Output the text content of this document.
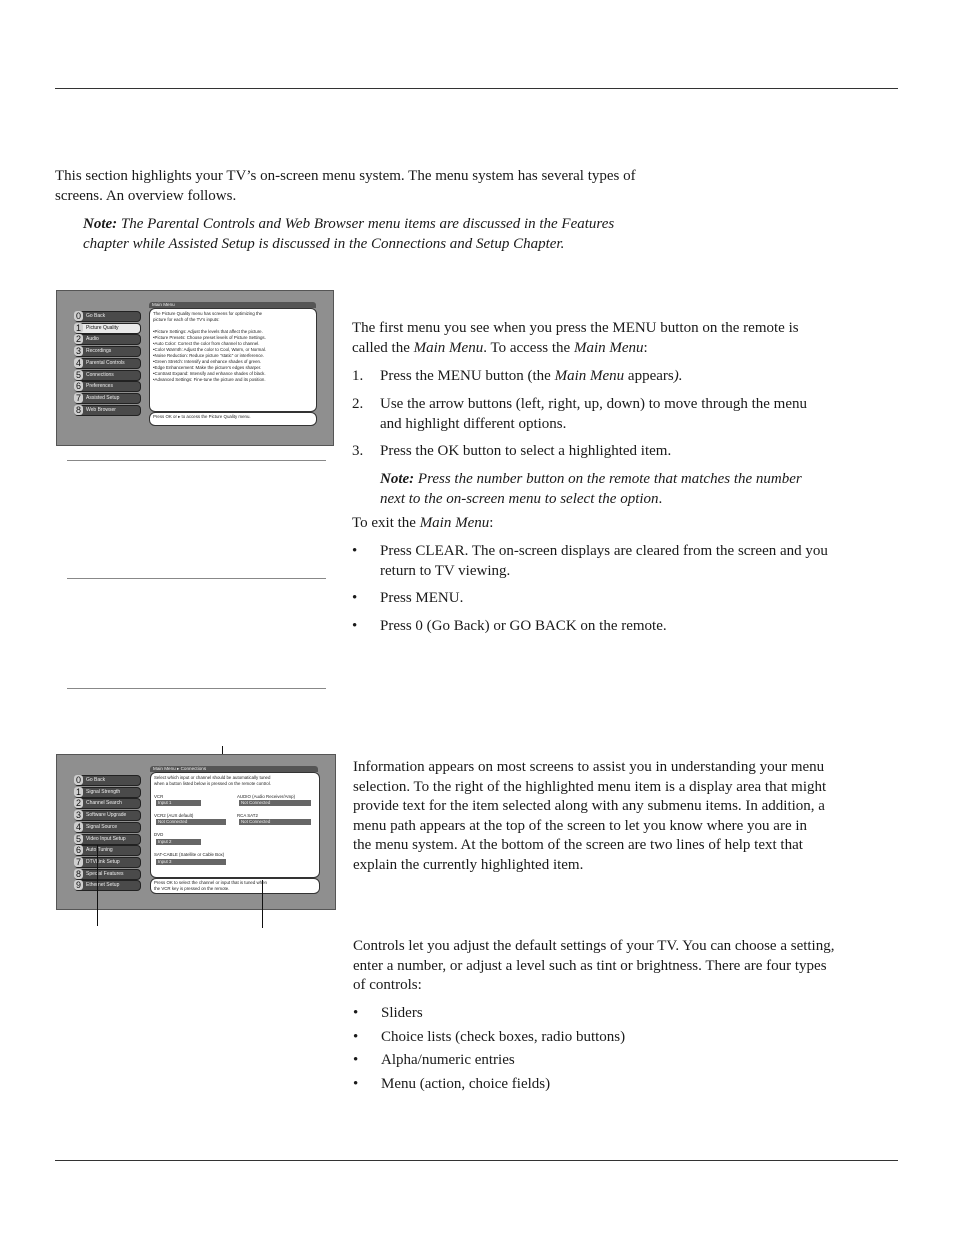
This section highlights your TV’s on-screen menu system. The menu system has several types of
screens. An overview follows.
Note: The Parental Controls and Web Browser menu items are discussed in the Features
chapter while Assisted Setup is discussed in the Connections and Setup Chapter.
Main Menu
0	Go Back
1	Picture Quality
2	Audio
3	Recordings
4	Parental Controls
5	Connections
6	Preferences
7	Assisted Setup
8	Web Browser
The Picture Quality menu has screens for optimizing the
picture for each of the TV's inputs:
•Picture Settings: Adjust the levels that affect the picture.
•Picture Presets: Choose preset levels of Picture Settings.
•Auto Color: Correct the color from channel to channel.
•Color Warmth: Adjust the color to Cool, Warm, or Normal.
•Noise Reduction: Reduce picture "static" or interference.
•Green Stretch: Intensify and enhance shades of green.
•Edge Enhancement: Make the picture's edges sharper.
•Contrast Expand: Intensify and enhance shades of black.
•Advanced Settings: Fine-tune the picture and its position.
Press OK or ▸ to access the Picture Quality menu.
The first menu you see when you press the MENU button on the remote is
called the Main Menu. To access the Main Menu:
1. Press the MENU button (the Main Menu appears).
2. Use the arrow buttons (left, right, up, down) to move through the menu
and highlight different options.
3. Press the OK button to select a highlighted item.
Note: Press the number button on the remote that matches the number
next to the on-screen menu to select the option.
To exit the Main Menu:
• Press CLEAR. The on-screen displays are cleared from the screen and you
return to TV viewing.
• Press MENU.
• Press 0 (Go Back) or GO BACK on the remote.
Main Menu ▸ Connections
0	Go Back
1	Signal Strength
2	Channel Search
3	Software Upgrade
4	Signal Source
5	Video Input Setup
6	Auto Tuning
7	DTVLink Setup
8	Special Features
9	Ethernet Setup
Select which input or channel should be automatically tuned
when a button listed below is pressed on the remote control.
VCR
Input 1
AUDIO (Audio Receiver/Amp)
Not Connected
VCR2 (AUX default)
Not Connected
RCA SAT2
Not Connected
DVD
Input 2
SAT-CABLE (Satellite or Cable Box)
Input 3
Press OK to select the channel or input that is tuned when
the VCR key is pressed on the remote.
Information appears on most screens to assist you in understanding your menu
selection. To the right of the highlighted menu item is a display area that might
provide text for the item selected along with any submenu items. In addition, a
menu path appears at the top of the screen to let you know where you are in
the menu system. At the bottom of the screen are two lines of help text that
explain the currently highlighted item.
Controls let you adjust the default settings of your TV. You can choose a setting,
enter a number, or adjust a level such as tint or brightness. There are four types
of controls:
• Sliders
• Choice lists (check boxes, radio buttons)
• Alpha/numeric entries
• Menu (action, choice fields)
